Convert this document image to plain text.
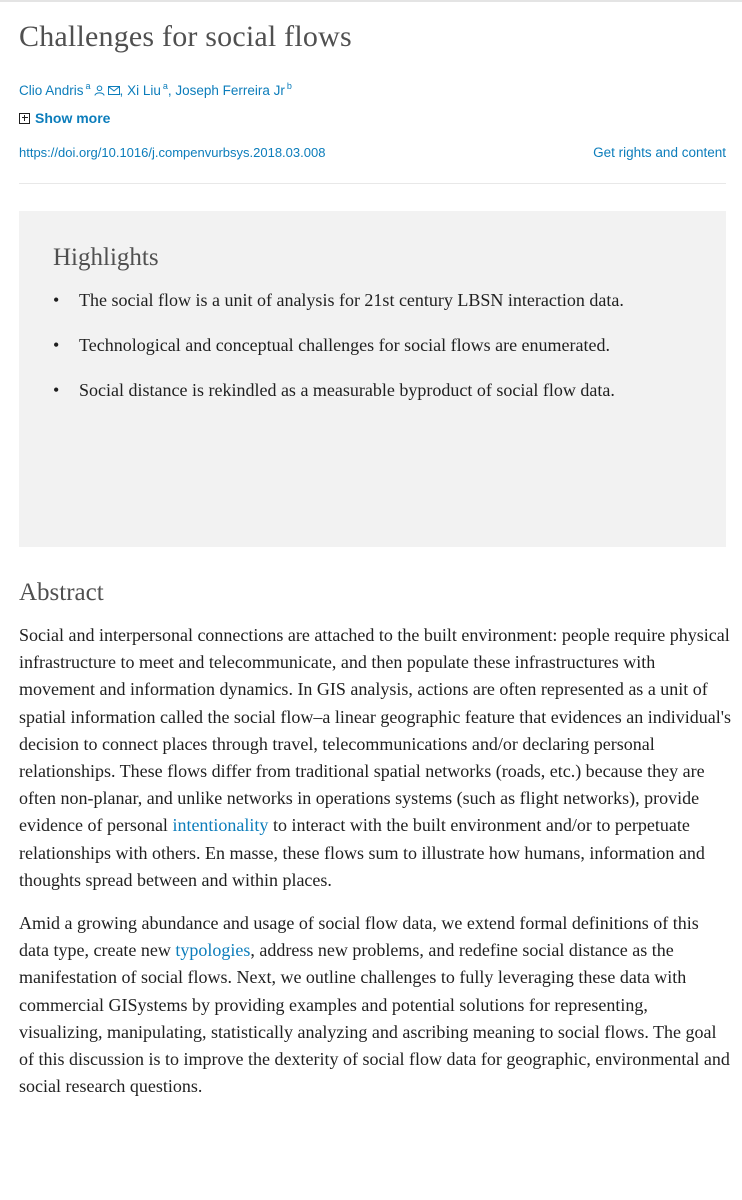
Challenges for social flows
Clio Andris $^a$ , Xi Liu $^a$, Joseph Ferreira Jr $^b$
Show more
https://doi.org/10.1016/j.compenvurbsys.2018.03.008	Get rights and content
Highlights
• The social flow is a unit of analysis for 21st century LBSN interaction data.
• Technological and conceptual challenges for social flows are enumerated.
• Social distance is rekindled as a measurable byproduct of social flow data.
Abstract

Social and interpersonal connections are attached to the built environment: people require physical infrastructure to meet and telecommunicate, and then populate these infrastructures with movement and information dynamics. In GIS analysis, actions are often represented as a unit of spatial information called the social flow–a linear geographic feature that evidences an individual's decision to connect places through travel, telecommunications and/or declaring personal relationships. These flows differ from traditional spatial networks (roads, etc.) because they are often non-planar, and unlike networks in operations systems (such as flight networks), provide evidence of personal intentionality to interact with the built environment and/or to perpetuate relationships with others. En masse, these flows sum to illustrate how humans, information and thoughts spread between and within places.

Amid a growing abundance and usage of social flow data, we extend formal definitions of this data type, create new typologies, address new problems, and redefine social distance as the manifestation of social flows. Next, we outline challenges to fully leveraging these data with commercial GISystems by providing examples and potential solutions for representing, visualizing, manipulating, statistically analyzing and ascribing meaning to social flows. The goal of this discussion is to improve the dexterity of social flow data for geographic, environmental and social research questions.
